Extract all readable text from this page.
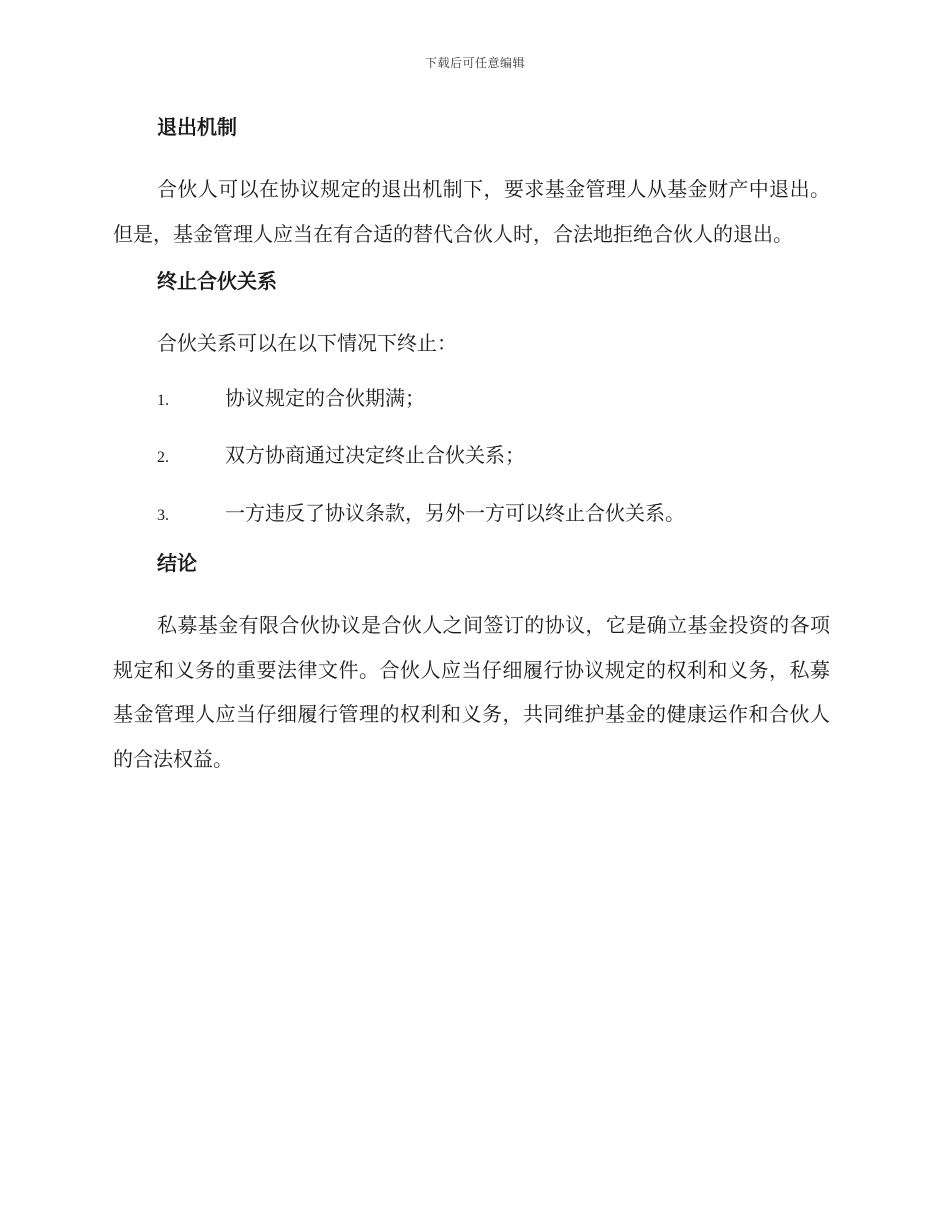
下载后可任意编辑
退出机制

合伙人可以在协议规定的退出机制下，要求基金管理人从基金财产中退出。但是，基金管理人应当在有合适的替代合伙人时，合法地拒绝合伙人的退出。

终止合伙关系

合伙关系可以在以下情况下终止：

1.	协议规定的合伙期满；
2.	双方协商通过决定终止合伙关系；
3.	一方违反了协议条款，另外一方可以终止合伙关系。
结论

私募基金有限合伙协议是合伙人之间签订的协议，它是确立基金投资的各项规定和义务的重要法律文件。合伙人应当仔细履行协议规定的权利和义务，私募基金管理人应当仔细履行管理的权利和义务，共同维护基金的健康运作和合伙人的合法权益。
